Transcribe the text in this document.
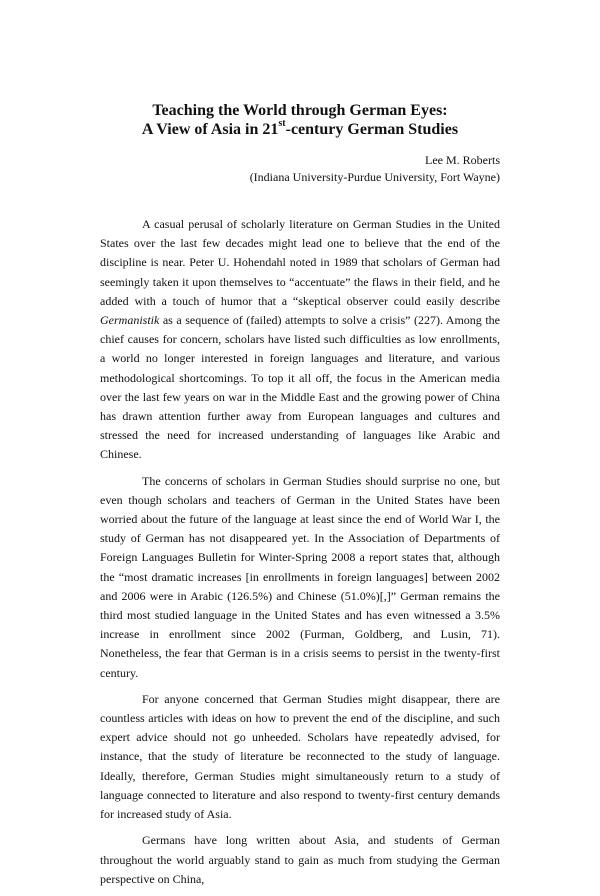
Teaching the World through German Eyes:
A View of Asia in 21st-century German Studies

Lee M. Roberts

(Indiana University-Purdue University, Fort Wayne)

A casual perusal of scholarly literature on German Studies in the United States over the last few decades might lead one to believe that the end of the discipline is near. Peter U. Hohendahl noted in 1989 that scholars of German had seemingly taken it upon themselves to “accentuate” the flaws in their field, and he added with a touch of humor that a “skeptical observer could easily describe Germanistik as a sequence of (failed) attempts to solve a crisis” (227). Among the chief causes for concern, scholars have listed such difficulties as low enrollments, a world no longer interested in foreign languages and literature, and various methodological shortcomings. To top it all off, the focus in the American media over the last few years on war in the Middle East and the growing power of China has drawn attention further away from European languages and cultures and stressed the need for increased understanding of languages like Arabic and Chinese.

The concerns of scholars in German Studies should surprise no one, but even though scholars and teachers of German in the United States have been worried about the future of the language at least since the end of World War I, the study of German has not disappeared yet. In the Association of Departments of Foreign Languages Bulletin for Winter-Spring 2008 a report states that, although the “most dramatic increases [in enrollments in foreign languages] between 2002 and 2006 were in Arabic (126.5%) and Chinese (51.0%)[,]” German remains the third most studied language in the United States and has even witnessed a 3.5% increase in enrollment since 2002 (Furman, Goldberg, and Lusin, 71). Nonetheless, the fear that German is in a crisis seems to persist in the twenty-first century.

For anyone concerned that German Studies might disappear, there are countless articles with ideas on how to prevent the end of the discipline, and such expert advice should not go unheeded. Scholars have repeatedly advised, for instance, that the study of literature be reconnected to the study of language. Ideally, therefore, German Studies might simultaneously return to a study of language connected to literature and also respond to twenty-first century demands for increased study of Asia.

Germans have long written about Asia, and students of German throughout the world arguably stand to gain as much from studying the German perspective on China,
